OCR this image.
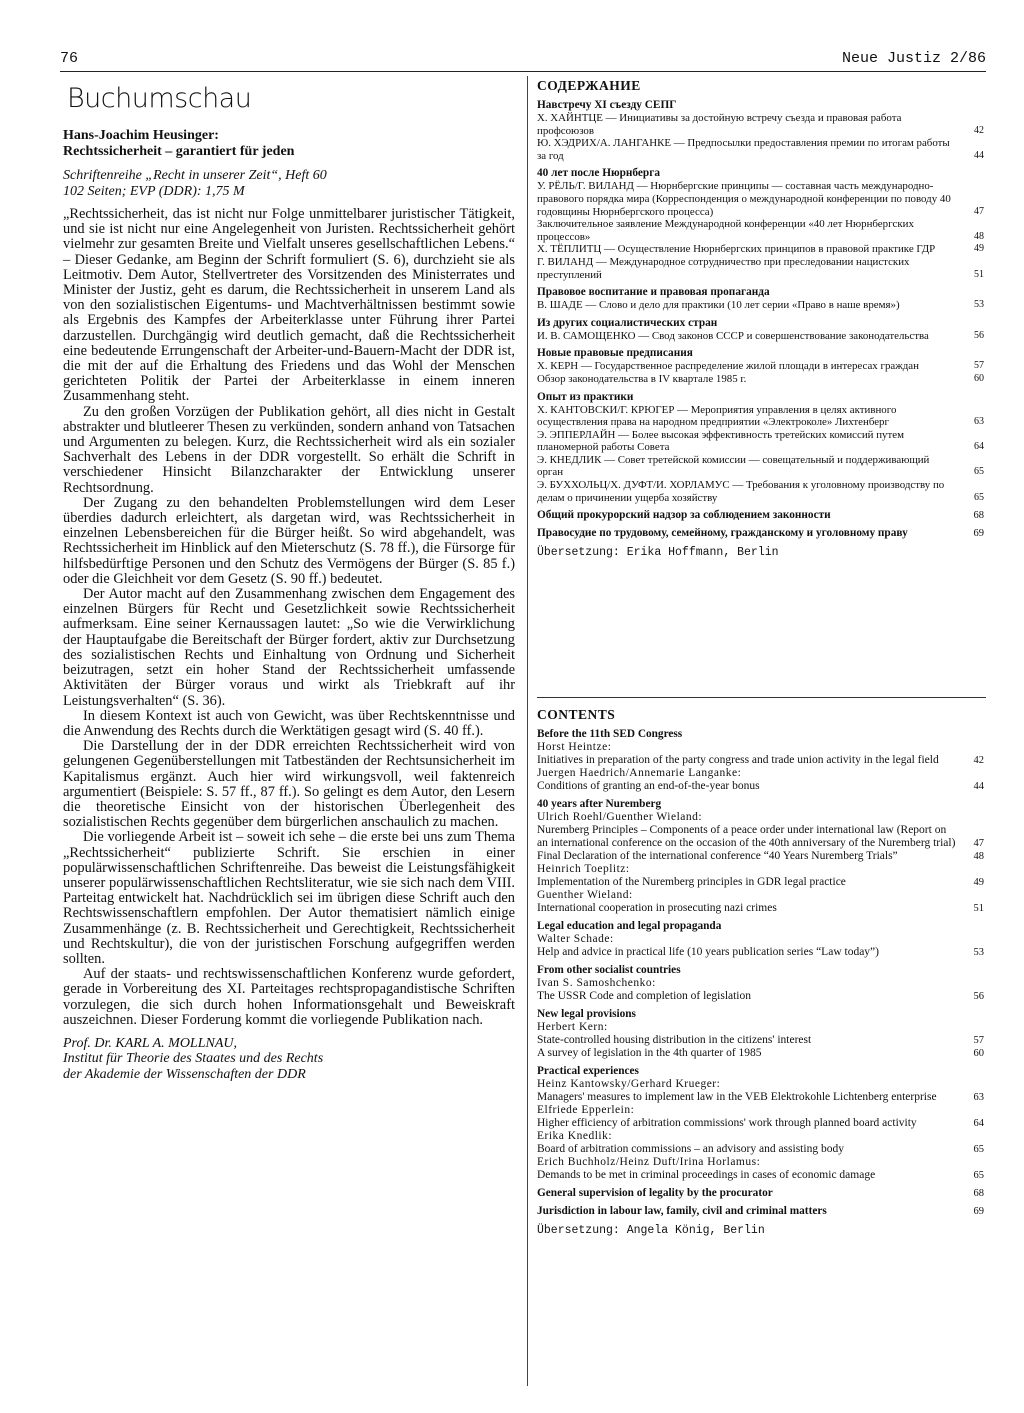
76	Neue Justiz 2/86
Buchumschau
Hans-Joachim Heusinger:
Rechtssicherheit – garantiert für jeden
Schriftenreihe „Recht in unserer Zeit“, Heft 60
102 Seiten; EVP (DDR): 1,75 M

„Rechtssicherheit, das ist nicht nur Folge unmittelbarer juristischer Tätigkeit, und sie ist nicht nur eine Angelegenheit von Juristen. Rechtssicherheit gehört vielmehr zur gesamten Breite und Vielfalt unseres gesellschaftlichen Lebens.“ – Dieser Gedanke, am Beginn der Schrift formuliert (S. 6), durchzieht sie als Leitmotiv. Dem Autor, Stellvertreter des Vorsitzenden des Ministerrates und Minister der Justiz, geht es darum, die Rechtssicherheit in unserem Land als von den sozialistischen Eigentums- und Machtverhältnissen bestimmt sowie als Ergebnis des Kampfes der Arbeiterklasse unter Führung ihrer Partei darzustellen. Durchgängig wird deutlich gemacht, daß die Rechtssicherheit eine bedeutende Errungenschaft der Arbeiter-und-Bauern-Macht der DDR ist, die mit der auf die Erhaltung des Friedens und das Wohl der Menschen gerichteten Politik der Partei der Arbeiterklasse in einem inneren Zusammenhang steht.

Zu den großen Vorzügen der Publikation gehört, all dies nicht in Gestalt abstrakter und blutleerer Thesen zu verkünden, sondern anhand von Tatsachen und Argumenten zu belegen. Kurz, die Rechtssicherheit wird als ein sozialer Sachverhalt des Lebens in der DDR vorgestellt. So erhält die Schrift in verschiedener Hinsicht Bilanzcharakter der Entwicklung unserer Rechtsordnung.

Der Zugang zu den behandelten Problemstellungen wird dem Leser überdies dadurch erleichtert, als dargetan wird, was Rechtssicherheit in einzelnen Lebensbereichen für die Bürger heißt. So wird abgehandelt, was Rechtssicherheit im Hinblick auf den Mieterschutz (S. 78 ff.), die Fürsorge für hilfsbedürftige Personen und den Schutz des Vermögens der Bürger (S. 85 f.) oder die Gleichheit vor dem Gesetz (S. 90 ff.) bedeutet.

Der Autor macht auf den Zusammenhang zwischen dem Engagement des einzelnen Bürgers für Recht und Gesetzlichkeit sowie Rechtssicherheit aufmerksam. Eine seiner Kernaussagen lautet: „So wie die Verwirklichung der Hauptaufgabe die Bereitschaft der Bürger fordert, aktiv zur Durchsetzung des sozialistischen Rechts und Einhaltung von Ordnung und Sicherheit beizutragen, setzt ein hoher Stand der Rechtssicherheit umfassende Aktivitäten der Bürger voraus und wirkt als Triebkraft auf ihr Leistungsverhalten“ (S. 36).

In diesem Kontext ist auch von Gewicht, was über Rechtskenntnisse und die Anwendung des Rechts durch die Werktätigen gesagt wird (S. 40 ff.).

Die Darstellung der in der DDR erreichten Rechtssicherheit wird von gelungenen Gegenüberstellungen mit Tatbeständen der Rechtsunsicherheit im Kapitalismus ergänzt. Auch hier wird wirkungsvoll, weil faktenreich argumentiert (Beispiele: S. 57 ff., 87 ff.). So gelingt es dem Autor, den Lesern die theoretische Einsicht von der historischen Überlegenheit des sozialistischen Rechts gegenüber dem bürgerlichen anschaulich zu machen.

Die vorliegende Arbeit ist – soweit ich sehe – die erste bei uns zum Thema „Rechtssicherheit“ publizierte Schrift. Sie erschien in einer populärwissenschaftlichen Schriftenreihe. Das beweist die Leistungsfähigkeit unserer populärwissenschaftlichen Rechtsliteratur, wie sie sich nach dem VIII. Parteitag entwickelt hat. Nachdrücklich sei im übrigen diese Schrift auch den Rechtswissenschaftlern empfohlen. Der Autor thematisiert nämlich einige Zusammenhänge (z. B. Rechtssicherheit und Gerechtigkeit, Rechtssicherheit und Rechtskultur), die von der juristischen Forschung aufgegriffen werden sollten.

Auf der staats- und rechtswissenschaftlichen Konferenz wurde gefordert, gerade in Vorbereitung des XI. Parteitages rechtspropagandistische Schriften vorzulegen, die sich durch hohen Informationsgehalt und Beweiskraft auszeichnen. Dieser Forderung kommt die vorliegende Publikation nach.

Prof. Dr. KARL A. MOLLNAU,
Institut für Theorie des Staates und des Rechts
der Akademie der Wissenschaften der DDR
СОДЕРЖАНИЕ
Навстречу XI съезду СЕПГ
Х. ХАЙНТЦЕ — Инициативы за достойную встречу съезда и правовая работа профсоюзов	42
Ю. ХЭДРИХ/А. ЛАНГАНКЕ — Предпосылки предоставления премии по итогам работы за год	44
40 лет после Нюрнберга
У. РЁЛЬ/Г. ВИЛАНД — Нюрнбергские принципы — составная часть международно-правового порядка мира (Корреспонденция о международной конференции по поводу 40 годовщины Нюрнбергского процесса)	47
Заключительное заявление Международной конференции «40 лет Нюрнбергских процессов»	48
Х. ТЁПЛИТЦ — Осуществление Нюрнбергских принципов в правовой практике ГДР	49
Г. ВИЛАНД — Международное сотрудничество при преследовании нацистских преступлений	51
Правовое воспитание и правовая пропаганда
В. ШАДЕ — Слово и дело для практики (10 лет серии «Право в наше время»)	53
Из других социалистических стран
И. В. САМОЩЕНКО — Свод законов СССР и совершенствование законодательства	56
Новые правовые предписания
Х. КЕРН — Государственное распределение жилой площади в интересах граждан	57
Обзор законодательства в IV квартале 1985 г.	60
Опыт из практики
Х. КАНТОВСКИ/Г. КРЮГЕР — Мероприятия управления в целях активного осуществления права на народном предприятии «Электроколе» Лихтенберг	63
Э. ЭППЕРЛАЙН — Более высокая эффективность третейских комиссий путем планомерной работы Совета	64
Э. КНЕДЛИК — Совет третейской комиссии — совещательный и поддерживающий орган	65
Э. БУХХОЛЬЦ/Х. ДУФТ/И. ХОРЛАМУС — Требования к уголовному производству по делам о причинении ущерба хозяйству	65
Общий прокурорский надзор за соблюдением законности	68
Правосудие по трудовому, семейному, гражданскому и уголовному праву	69
Übersetzung: Erika Hoffmann, Berlin
CONTENTS
Before the 11th SED Congress
Horst Heintze:
Initiatives in preparation of the party congress and trade union activity in the legal field	42
Juergen Haedrich/Annemarie Langanke:
Conditions of granting an end-of-the-year bonus	44
40 years after Nuremberg
Ulrich Roehl/Guenther Wieland:
Nuremberg Principles – Components of a peace order under international law (Report on an international conference on the occasion of the 40th anniversary of the Nuremberg trial) 47
Final Declaration of the international conference “40 Years Nuremberg Trials”	48
Heinrich Toeplitz:
Implementation of the Nuremberg principles in GDR legal practice	49
Guenther Wieland:
International cooperation in prosecuting nazi crimes	51
Legal education and legal propaganda
Walter Schade:
Help and advice in practical life (10 years publication series “Law today”)	53
From other socialist countries
Ivan S. Samoshchenko:
The USSR Code and completion of legislation	56
New legal provisions
Herbert Kern:
State-controlled housing distribution in the citizens' interest	57
A survey of legislation in the 4th quarter of 1985	60
Practical experiences
Heinz Kantowsky/Gerhard Krueger:
Managers' measures to implement law in the VEB Elektrokohle Lichtenberg enterprise	63
Elfriede Epperlein:
Higher efficiency of arbitration commissions' work through planned board activity	64
Erika Knedlik:
Board of arbitration commissions – an advisory and assisting body	65
Erich Buchholz/Heinz Duft/Irina Horlamus:
Demands to be met in criminal proceedings in cases of economic damage	65
General supervision of legality by the procurator	68
Jurisdiction in labour law, family, civil and criminal matters	69
Übersetzung: Angela König, Berlin
